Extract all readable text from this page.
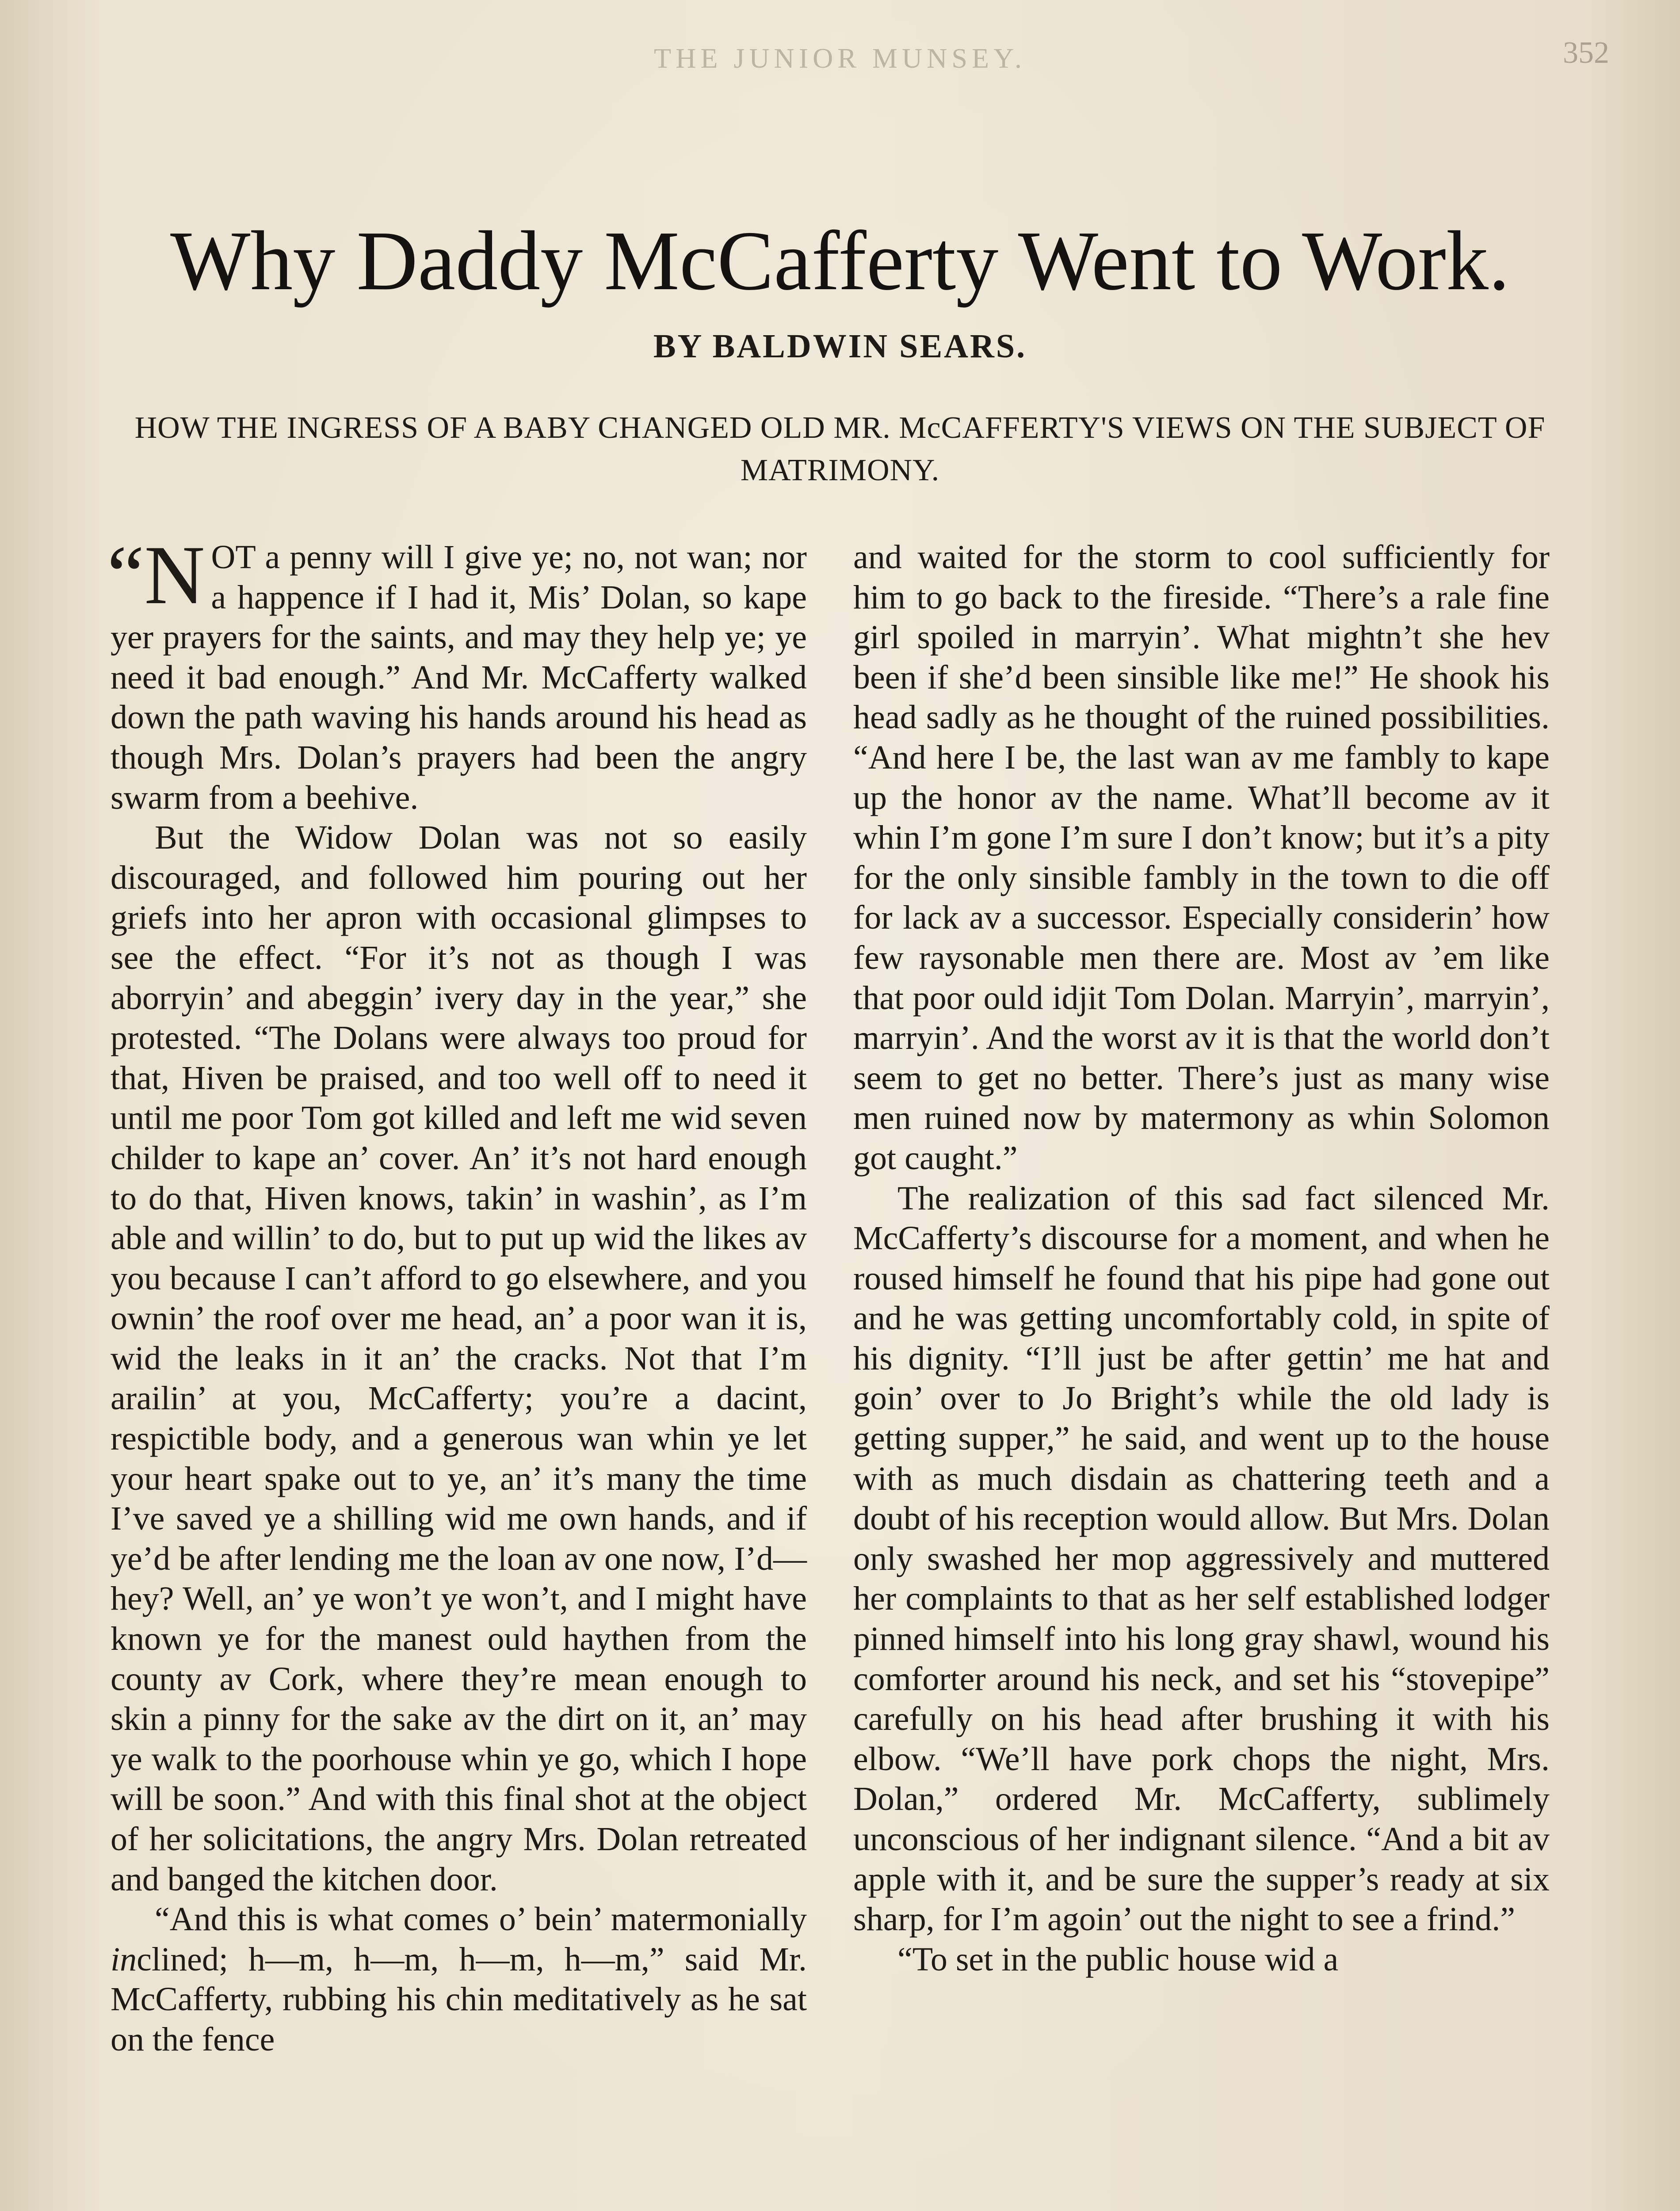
THE JUNIOR MUNSEY.	352
Why Daddy McCafferty Went to Work.
BY BALDWIN SEARS.
HOW THE INGRESS OF A BABY CHANGED OLD MR. McCAFFERTY'S VIEWS ON THE SUBJECT OF MATRIMONY.

“NOT a penny will I give ye; no, not wan; nor a happence if I had it, Mis’ Dolan, so kape yer prayers for the saints, and may they help ye; ye need it bad enough.” And Mr. McCafferty walked down the path waving his hands around his head as though Mrs. Dolan’s prayers had been the angry swarm from a beehive.

But the Widow Dolan was not so easily discouraged, and followed him pouring out her griefs into her apron with occasional glimpses to see the effect. “For it’s not as though I was aborryin’ and abeggin’ ivery day in the year,” she protested. “The Dolans were always too proud for that, Hiven be praised, and too well off to need it until me poor Tom got killed and left me wid seven childer to kape an’ cover. An’ it’s not hard enough to do that, Hiven knows, takin’ in washin’, as I’m able and willin’ to do, but to put up wid the likes av you because I can’t afford to go elsewhere, and you ownin’ the roof over me head, an’ a poor wan it is, wid the leaks in it an’ the cracks. Not that I’m arailin’ at you, McCafferty; you’re a dacint, respictible body, and a generous wan whin ye let your heart spake out to ye, an’ it’s many the time I’ve saved ye a shilling wid me own hands, and if ye’d be after lending me the loan av one now, I’d—hey? Well, an’ ye won’t ye won’t, and I might have known ye for the manest ould haythen from the county av Cork, where they’re mean enough to skin a pinny for the sake av the dirt on it, an’ may ye walk to the poorhouse whin ye go, which I hope will be soon.” And with this final shot at the object of her solicitations, the angry Mrs. Dolan retreated and banged the kitchen door.

“And this is what comes o’ bein’ matermonially inclined; h—m, h—m, h—m, h—m,” said Mr. McCafferty, rubbing his chin meditatively as he sat on the fence

and waited for the storm to cool sufficiently for him to go back to the fireside. “There’s a rale fine girl spoiled in marryin’. What mightn’t she hev been if she’d been sinsible like me!” He shook his head sadly as he thought of the ruined possibilities. “And here I be, the last wan av me fambly to kape up the honor av the name. What’ll become av it whin I’m gone I’m sure I don’t know; but it’s a pity for the only sinsible fambly in the town to die off for lack av a successor. Especially considerin’ how few raysonable men there are. Most av ’em like that poor ould idjit Tom Dolan. Marryin’, marryin’, marryin’. And the worst av it is that the world don’t seem to get no better. There’s just as many wise men ruined now by matermony as whin Solomon got caught.”

The realization of this sad fact silenced Mr. McCafferty’s discourse for a moment, and when he roused himself he found that his pipe had gone out and he was getting uncomfortably cold, in spite of his dignity. “I’ll just be after gettin’ me hat and goin’ over to Jo Bright’s while the old lady is getting supper,” he said, and went up to the house with as much disdain as chattering teeth and a doubt of his reception would allow. But Mrs. Dolan only swashed her mop aggressively and muttered her complaints to that as her self established lodger pinned himself into his long gray shawl, wound his comforter around his neck, and set his “stovepipe” carefully on his head after brushing it with his elbow. “We’ll have pork chops the night, Mrs. Dolan,” ordered Mr. McCafferty, sublimely unconscious of her indignant silence. “And a bit av apple with it, and be sure the supper’s ready at six sharp, for I’m agoin’ out the night to see a frind.”

“To set in the public house wid a
